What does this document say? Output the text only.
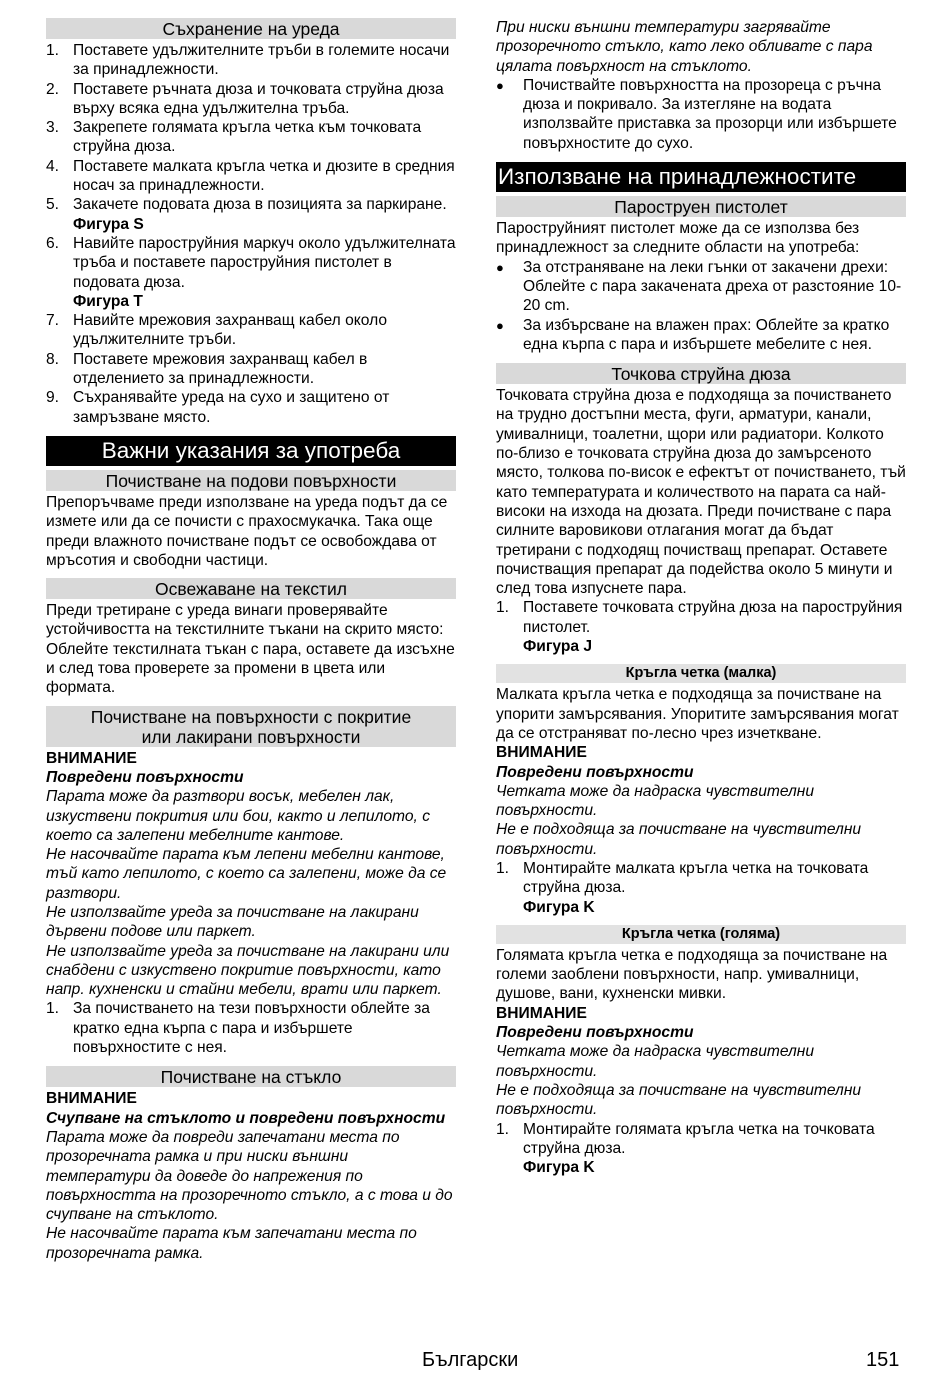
Съхранение на уреда
1. Поставете удължителните тръби в големите носачи за принадлежности.
2. Поставете ръчната дюза и точковата струйна дюза върху всяка една удължителна тръба.
3. Закрепете голямата кръгла четка към точковата струйна дюза.
4. Поставете малката кръгла четка и дюзите в средния носач за принадлежности.
5. Закачете подовата дюза в позицията за паркиране.
Фигура S
6. Навийте пароструйния маркуч около удължителната тръба и поставете пароструйния пистолет в подовата дюза.
Фигура T
7. Навийте мрежовия захранващ кабел около удължителните тръби.
8. Поставете мрежовия захранващ кабел в отделението за принадлежности.
9. Съхранявайте уреда на сухо и защитено от замръзване място.
Важни указания за употреба
Почистване на подови повърхности

Препоръчваме преди използване на уреда подът да се изметe или да се почисти с прахосмукачка. Така още преди влажното почистване подът се освобождава от мръсотия и свободни частици.

Освежаване на текстил

Преди третиране с уреда винаги проверявайте устойчивостта на текстилните тъкани на скрито място: Облейте текстилната тъкан с пара, оставете да изсъхне и след това проверете за промени в цвета или формата.

Почистване на повърхности с покритие
или лакирани повърхности
ВНИМАНИЕ
Повредени повърхности

Парата може да разтвори восък, мебелен лак, изкуствени покрития или бои, както и лепилото, с което са залепени мебелните кантове.

Не насочвайте парата към лепени мебелни кантове, тъй като лепилото, с което са залепени, може да се разтвори.

Не използвайте уреда за почистване на лакирани дървени подове или паркет.

Не използвайте уреда за почистване на лакирани или снабдени с изкуствено покритие повърхности, като напр. кухненски и стайни мебели, врати или паркет.

1. За почистването на тези повърхности облейте за кратко една кърпа с пара и избършете повърхностите с нея.
Почистване на стъкло
ВНИМАНИЕ
Счупване на стъклото и повредени повърхности

Парата може да повреди запечатани места по прозоречната рамка и при ниски външни температури да доведе до напрежения по повърхността на прозоречното стъкло, а с това и до счупване на стъклото.

Не насочвайте парата към запечатани места по прозоречната рамка.

При ниски външни температури загрявайте прозоречното стъкло, като леко обливате с пара цялата повърхност на стъклото.

●	Почиствайте повърхността на прозореца с ръчна дюза и покривало. За изтегляне на водата използвайте приставка за прозорци или избършете повърхностите до сухо.
Използване на принадлежностите
Пароструен пистолет

Пароструйният пистолет може да се използва без принадлежност за следните области на употреба:

●	За отстраняване на леки гънки от закачени дрехи: Облейте с пара закачената дреха от разстояние 10-20 cm.
●	За избърсване на влажен прах: Облейте за кратко една кърпа с пара и избършете мебелите с нея.
Точкова струйна дюза

Точковата струйна дюза е подходяща за почистването на трудно достъпни места, фуги, арматури, канали, умивалници, тоалетни, щори или радиатори. Колкото по-близо е точковата струйна дюза до замърсеното място, толкова по-висок е ефектът от почистването, тъй като температурата и количеството на парата са най-високи на изхода на дюзата. Преди почистване с пара силните варовикови отлагания могат да бъдат третирани с подходящ почистващ препарат. Оставете почистващия препарат да подейства около 5 минути и след това изпуснете пара.

1. Поставете точковата струйна дюза на пароструйния пистолет.
Фигура J
Кръгла четка (малка)

Малката кръгла четка е подходяща за почистване на упорити замърсявания. Упоритите замърсявания могат да се отстраняват по-лесно чрез изчеткване.

ВНИМАНИЕ
Повредени повърхности

Четката може да надраска чувствителни повърхности.

Не е подходяща за почистване на чувствителни повърхности.

1. Монтирайте малката кръгла четка на точковата струйна дюза.
Фигура K
Кръгла четка (голяма)

Голямата кръгла четка е подходяща за почистване на големи заоблени повърхности, напр. умивалници, душове, вани, кухненски мивки.

ВНИМАНИЕ
Повредени повърхности

Четката може да надраска чувствителни повърхности.

Не е подходяща за почистване на чувствителни повърхности.

1. Монтирайте голямата кръгла четка на точковата струйна дюза.
Фигура K
Български	151
